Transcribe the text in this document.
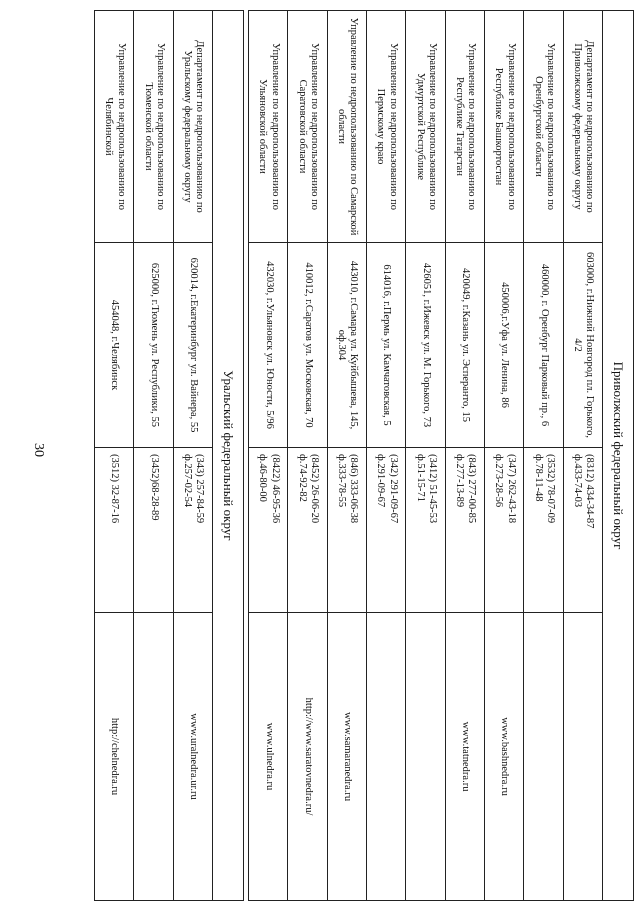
30	Приволжский федеральный округ			

Департамент по недропользованию по Приволжскому федеральному округу	603000, г.Нижний Новгород пл. Горького, 4/2	(8312) 434-34-87
ф.433-74-03	

Управление по недропользованию по Оренбургской области	460000, г. Оренбург Парковый пр., 6	(3532) 78-07-09
ф.78-11-48	

Управление по недропользованию по Республике Башкортостан	450006,г.Уфа ул. Ленина, 86	(347) 262-43-18
ф.273-28-56	www.bashnedra.ru

Управление по недропользованию по Республике Татарстан	420049, г.Казань ул. Эсперанто, 15	(843) 277-00-85
ф.277-13-89	www.tatnedra.ru

Управление по недропользованию по Удмуртской Республике	426051, г.Ижевск ул. М. Горького, 73	(3412) 51-45-53
ф.51-15-71	

Управление по недропользованию по Пермскому краю	614016, г.Пермь ул. Камчатовская, 5	(342) 291-09-67
ф.291-09-67	

Управление по недропользованию по Самарской области	443010, г.Самара ул. Куйбышева, 145, оф.304	(846) 333-06-38
ф.333-78-55	www.samaranedra.ru

Управление по недропользованию по Саратовской области	410012, г.Саратов ул. Московская, 70	(8452) 26-06-20
ф.74-92-82	http://www.saratovnedra.ru/

Управление по недропользованию по Ульяновской области	432030, г.Ульяновск ул. Юности, 5/96	(8422) 46-95-36
ф.46-80-00	www.ulnedra.ru

Уральский федеральный округ			

Департамент по недропользованию по Уральскому федеральному округу	620014, г.Екатеринбург ул. Вайнера, 55	(343) 257-84-59
ф.257-02-54	www.uralnedra.ur.ru

Управление по недропользованию по Тюменской области	625000, г.Тюмень ул. Республики, 55	(3452)68-28-89	

Управление по недропользованию по Челябинской	454048, г.Челябинск	(3512) 32-87-16	http://chelnedra.ru
